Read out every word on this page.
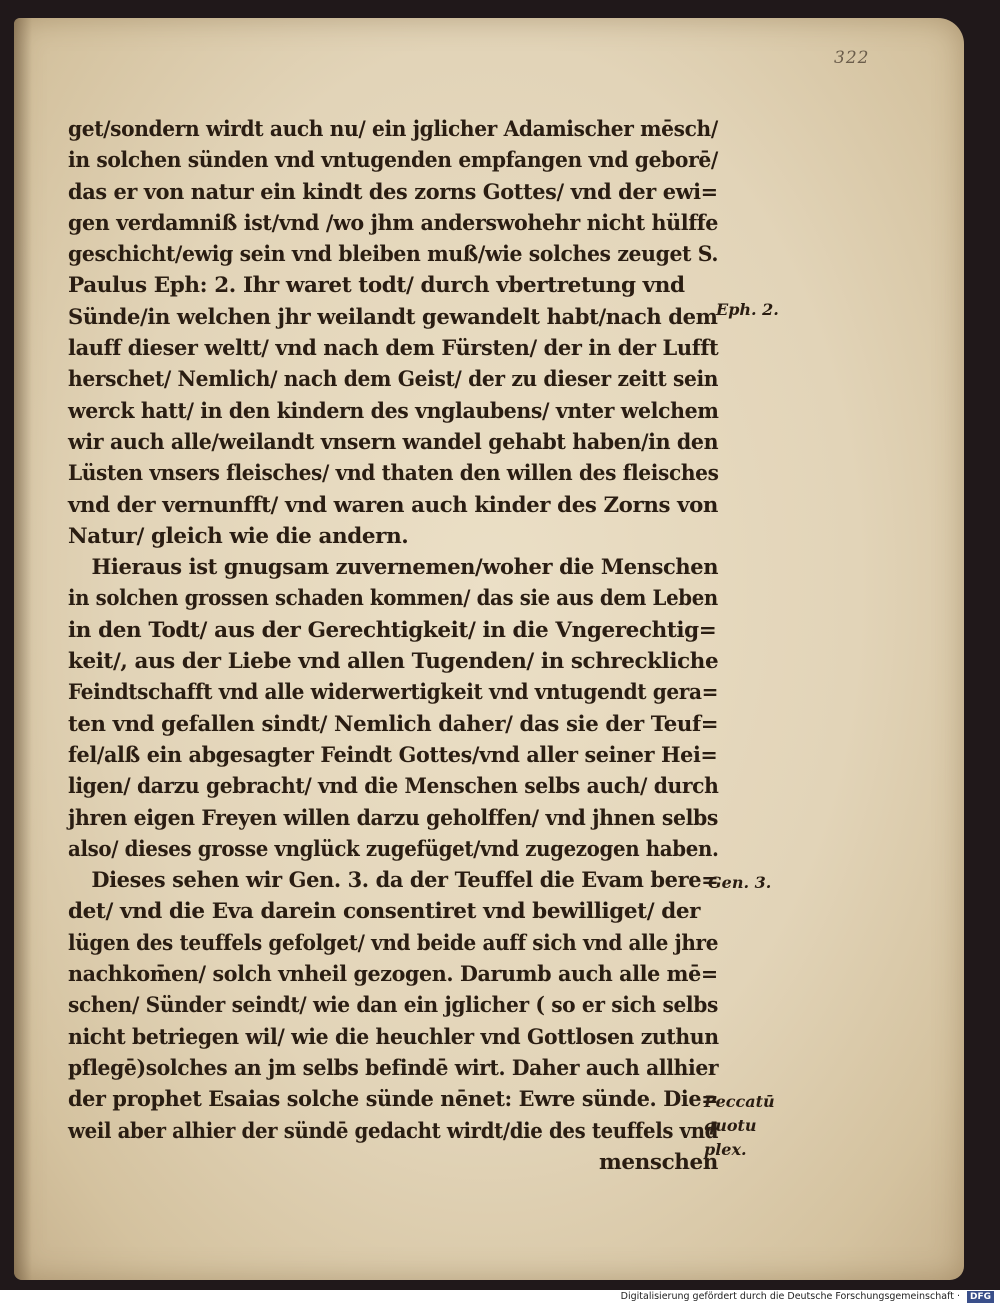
322
get/sondern wirdt auch nu/ ein jglicher Adamischer mēsch/
in solchen sünden vnd vntugenden empfangen vnd geborē/
das er von natur ein kindt des zorns Gottes/ vnd der ewi=
gen verdamniß ist/vnd /wo jhm anderswohehr nicht hülffe
geschicht/ewig sein vnd bleiben muß/wie solches zeuget S.
Paulus Eph: 2. Ihr waret todt/ durch vbertretung vnd
Sünde/in welchen jhr weilandt gewandelt habt/nach dem
lauff dieser weltt/ vnd nach dem Fürsten/ der in der Lufft
herschet/ Nemlich/ nach dem Geist/ der zu dieser zeitt sein
werck hatt/ in den kindern des vnglaubens/ vnter welchem
wir auch alle/weilandt vnsern wandel gehabt haben/in den
Lüsten vnsers fleisches/ vnd thaten den willen des fleisches
vnd der vernunfft/ vnd waren auch kinder des Zorns von
Natur/ gleich wie die andern.
Hieraus ist gnugsam zuvernemen/woher die Menschen
in solchen grossen schaden kommen/ das sie aus dem Leben
in den Todt/ aus der Gerechtigkeit/ in die Vngerechtig=
keit/, aus der Liebe vnd allen Tugenden/ in schreckliche
Feindtschafft vnd alle widerwertigkeit vnd vntugendt gera=
ten vnd gefallen sindt/ Nemlich daher/ das sie der Teuf=
fel/alß ein abgesagter Feindt Gottes/vnd aller seiner Hei=
ligen/ darzu gebracht/ vnd die Menschen selbs auch/ durch
jhren eigen Freyen willen darzu geholffen/ vnd jhnen selbs
also/ dieses grosse vnglück zugefüget/vnd zugezogen haben.
Dieses sehen wir Gen. 3. da der Teuffel die Evam bere=
det/ vnd die Eva darein consentiret vnd bewilliget/ der
lügen des teuffels gefolget/ vnd beide auff sich vnd alle jhre
nachkom̄en/ solch vnheil gezogen. Darumb auch alle mē=
schen/ Sünder seindt/ wie dan ein jglicher ( so er sich selbs
nicht betriegen wil/ wie die heuchler vnd Gottlosen zuthun
pflegē)solches an jm selbs befindē wirt. Daher auch allhier
der prophet Esaias solche sünde nēnet: Ewre sünde. Die=
weil aber alhier der sündē gedacht wirdt/die des teuffels vnd
menschen
Eph. 2.
Gen. 3.
Peccatū
quotu
plex.
Digitalisierung gefördert durch die Deutsche Forschungsgemeinschaft ·	DFG
